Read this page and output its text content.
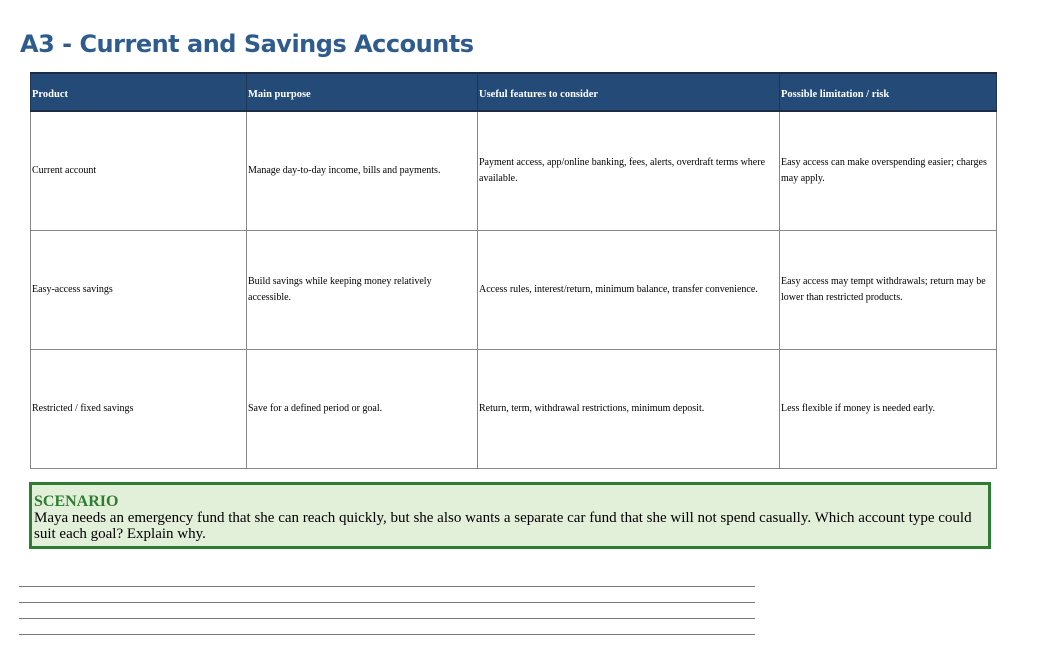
A3 - Current and Savings Accounts
Product	Main purpose	Useful features to consider	Possible limitation / risk
Current account	Manage day-to-day income, bills and payments.	Payment access, app/online banking, fees, alerts, overdraft terms where available.	Easy access can make overspending easier; charges may apply.
Easy-access savings	Build savings while keeping money relatively accessible.	Access rules, interest/return, minimum balance, transfer convenience.	Easy access may tempt withdrawals; return may be lower than restricted products.
Restricted / fixed savings	Save for a defined period or goal.	Return, term, withdrawal restrictions, minimum deposit.	Less flexible if money is needed early.
SCENARIO
Maya needs an emergency fund that she can reach quickly, but she also wants a separate car fund that she will not spend casually. Which account type could suit each goal? Explain why.
